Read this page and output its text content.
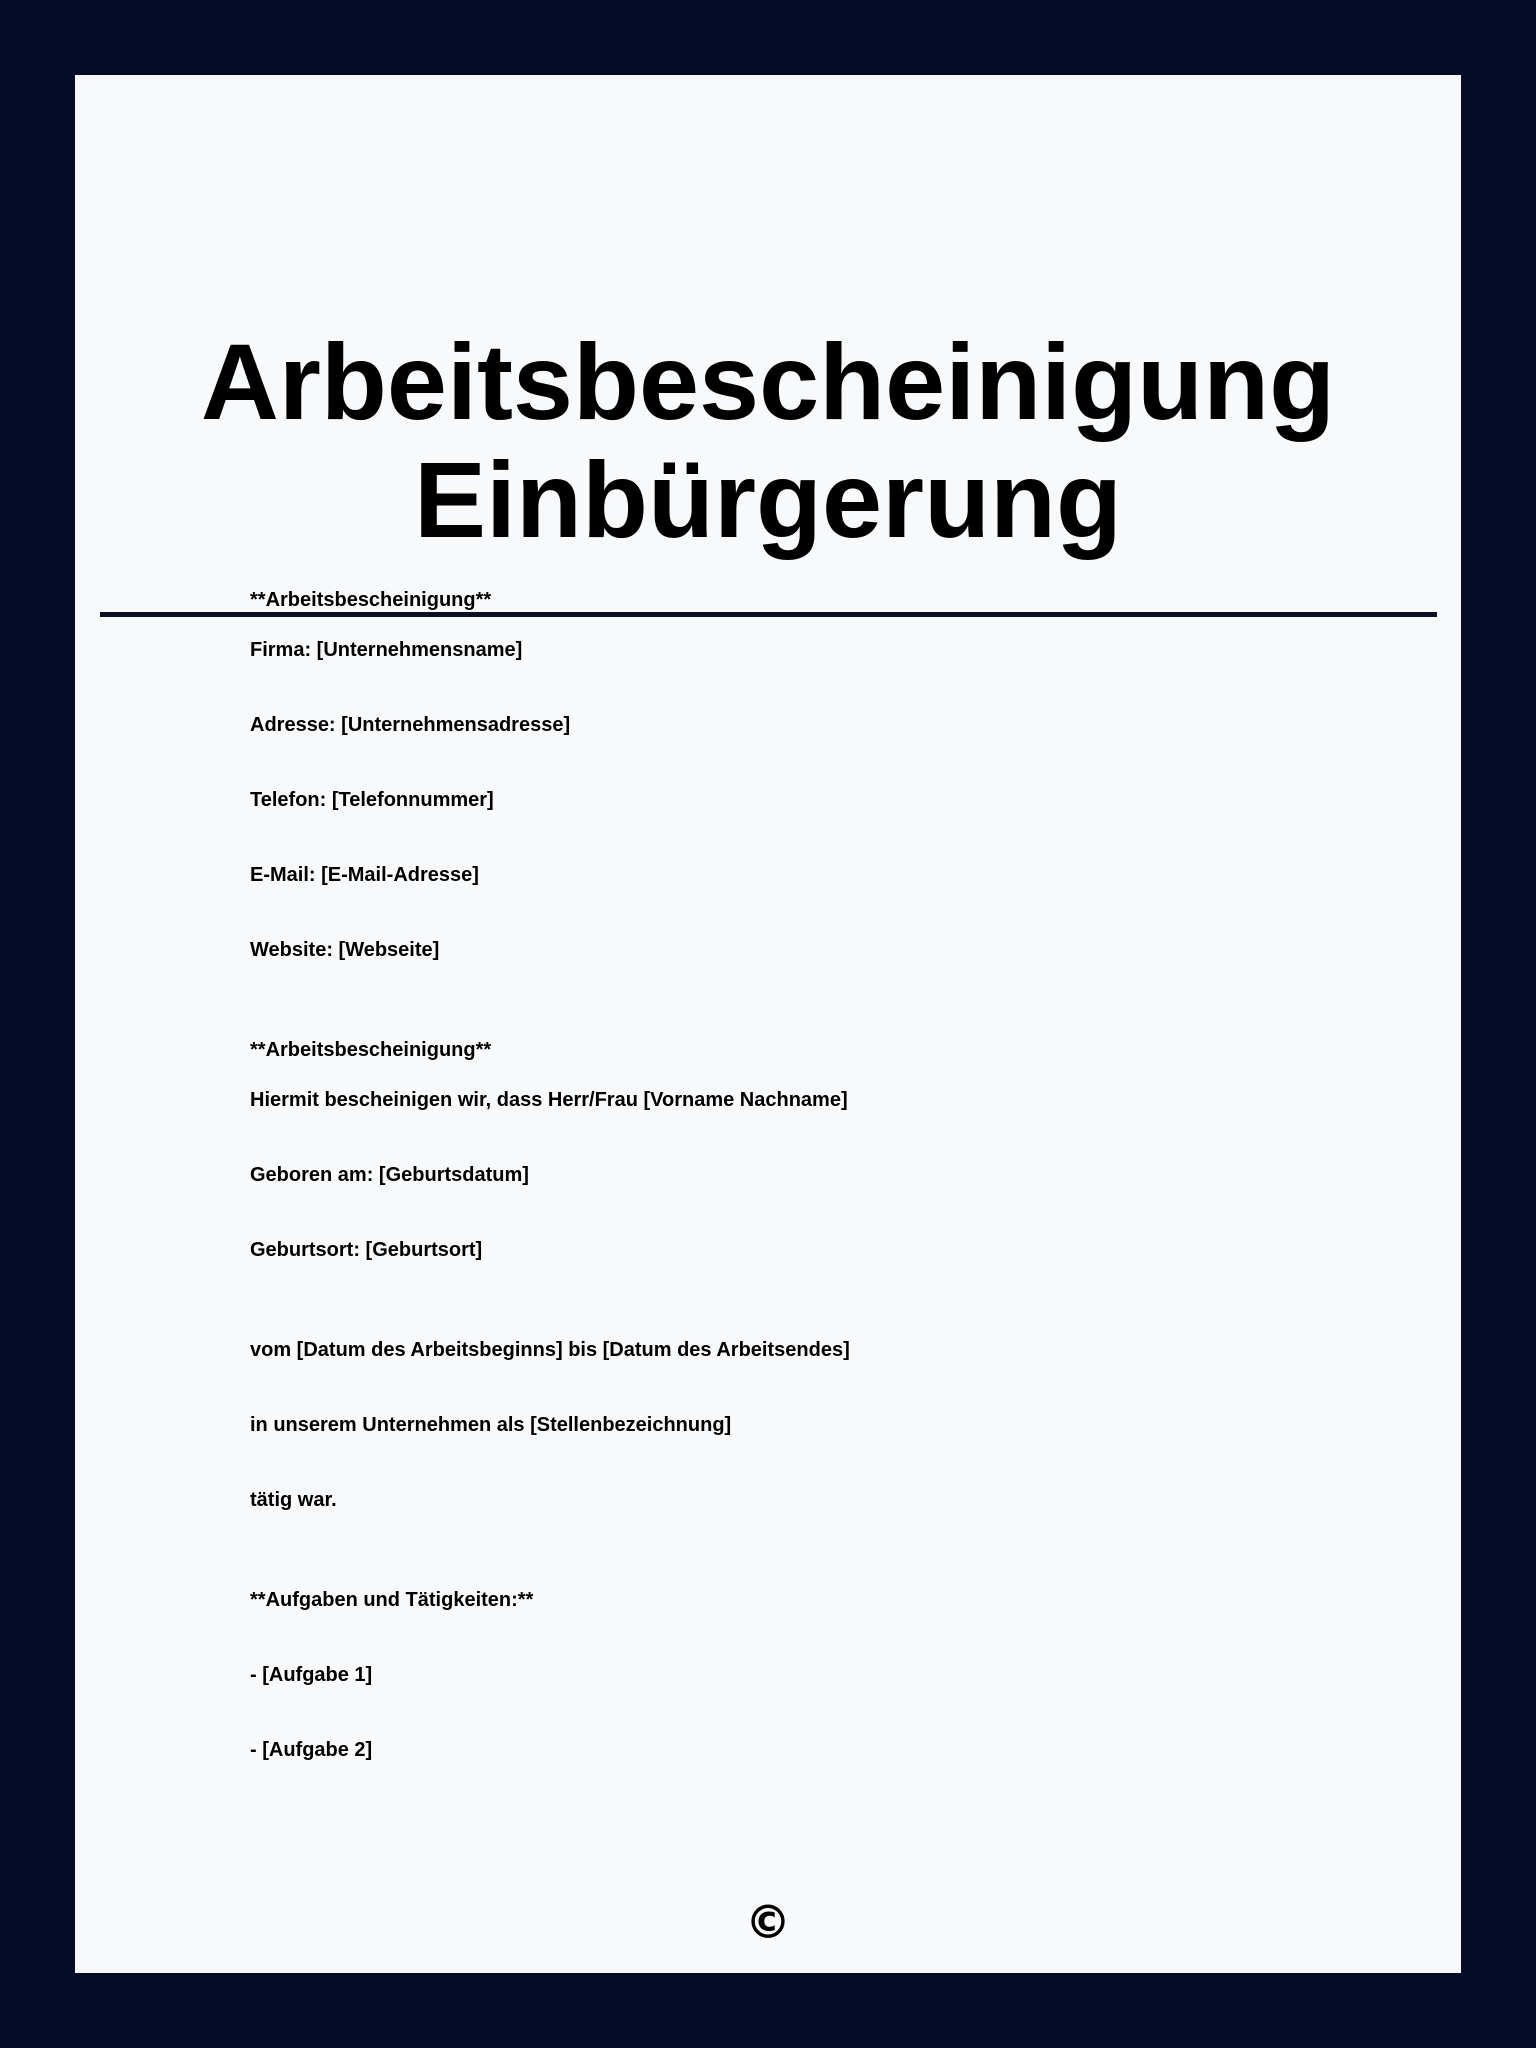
Arbeitsbescheinigung
Einbürgerung
**Arbeitsbescheinigung**
Firma: [Unternehmensname]
Adresse: [Unternehmensadresse]
Telefon: [Telefonnummer]
E-Mail: [E-Mail-Adresse]
Website: [Webseite]
**Arbeitsbescheinigung**
Hiermit bescheinigen wir, dass Herr/Frau [Vorname Nachname]
Geboren am: [Geburtsdatum]
Geburtsort: [Geburtsort]
vom [Datum des Arbeitsbeginns] bis [Datum des Arbeitsendes]
in unserem Unternehmen als [Stellenbezeichnung]
tätig war.
**Aufgaben und Tätigkeiten:**
- [Aufgabe 1]
- [Aufgabe 2]
©
